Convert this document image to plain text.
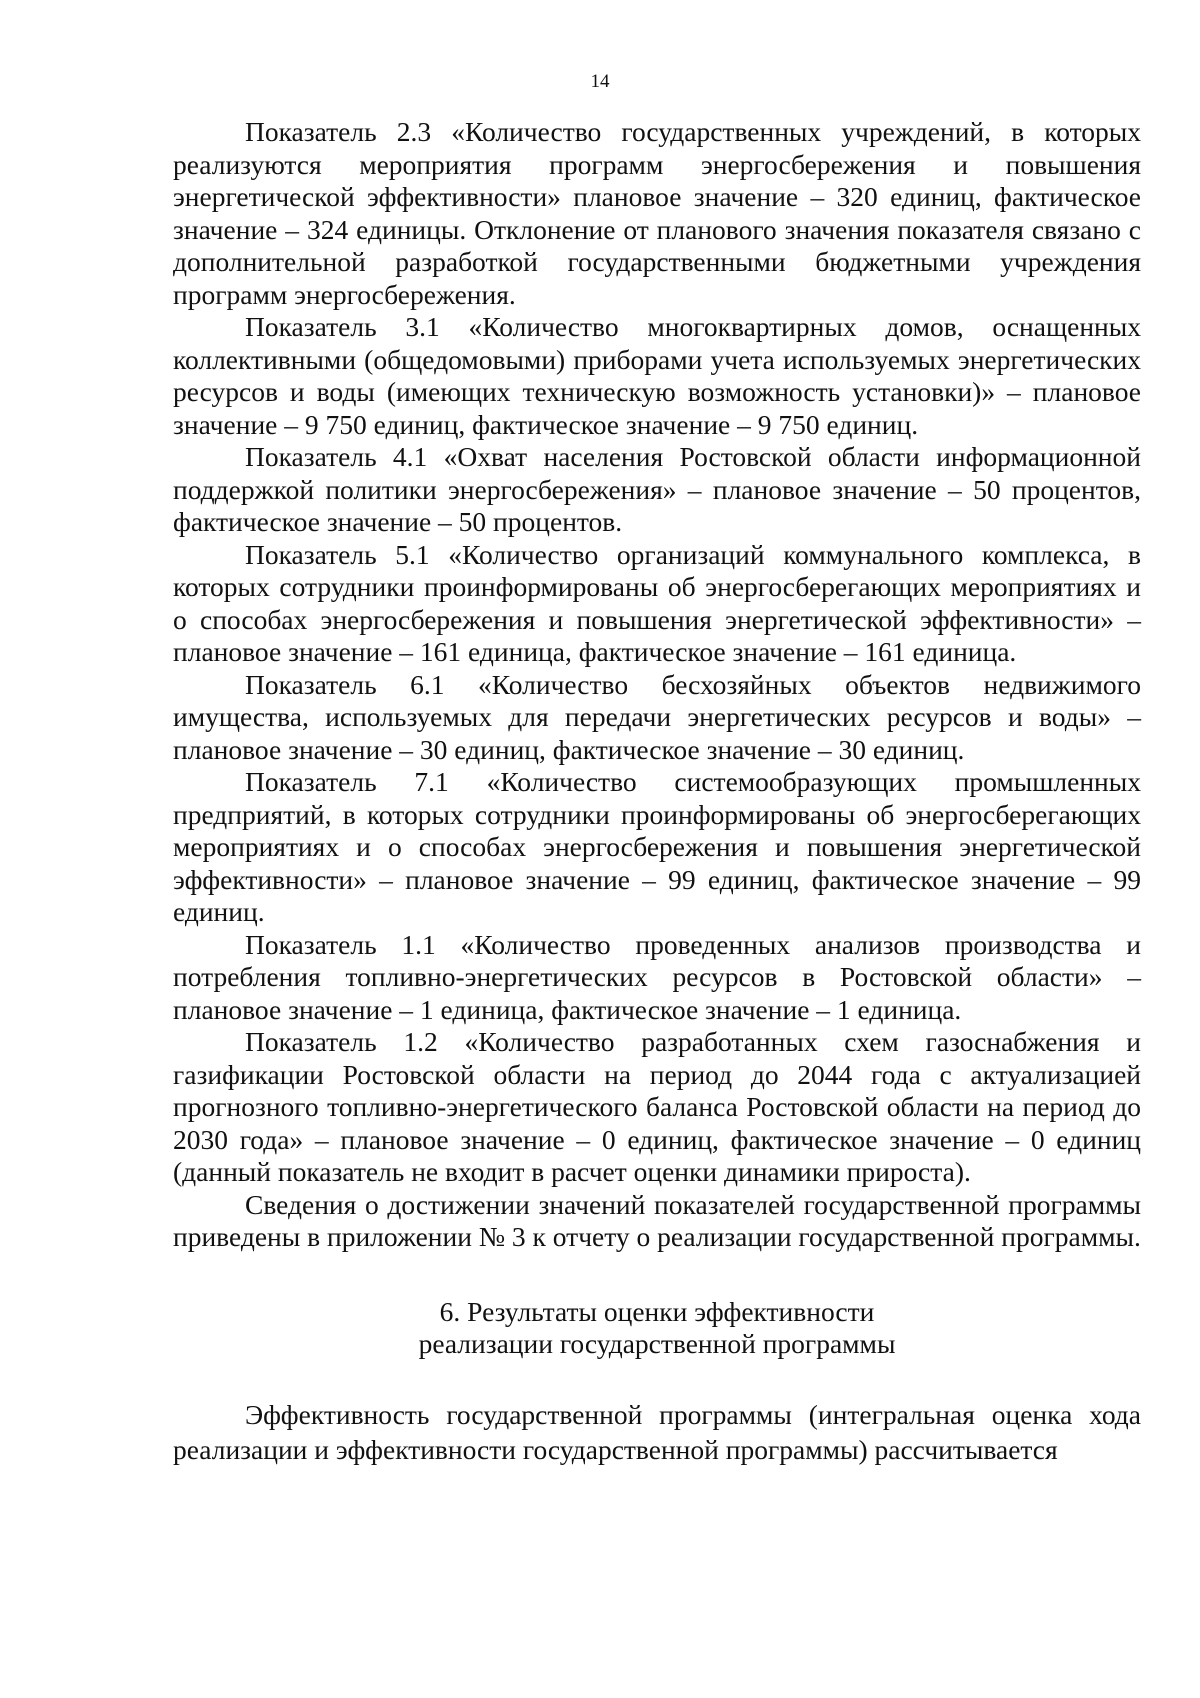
14

Показатель 2.3 «Количество государственных учреждений, в которых реализуются мероприятия программ энергосбережения и повышения энергетической эффективности» плановое значение – 320 единиц, фактическое значение – 324 единицы. Отклонение от планового значения показателя связано с дополнительной разработкой государственными бюджетными учреждения программ энергосбережения.

Показатель 3.1 «Количество многоквартирных домов, оснащенных коллективными (общедомовыми) приборами учета используемых энергетических ресурсов и воды (имеющих техническую возможность установки)» – плановое значение – 9 750 единиц, фактическое значение – 9 750 единиц.

Показатель 4.1 «Охват населения Ростовской области информационной поддержкой политики энергосбережения» – плановое значение – 50 процентов, фактическое значение – 50 процентов.

Показатель 5.1 «Количество организаций коммунального комплекса, в которых сотрудники проинформированы об энергосберегающих мероприятиях и о способах энергосбережения и повышения энергетической эффективности» – плановое значение – 161 единица, фактическое значение – 161 единица.

Показатель 6.1 «Количество бесхозяйных объектов недвижимого имущества, используемых для передачи энергетических ресурсов и воды» – плановое значение – 30 единиц, фактическое значение – 30 единиц.

Показатель 7.1 «Количество системообразующих промышленных предприятий, в которых сотрудники проинформированы об энергосберегающих мероприятиях и о способах энергосбережения и повышения энергетической эффективности» – плановое значение – 99 единиц, фактическое значение – 99 единиц.

Показатель 1.1 «Количество проведенных анализов производства и потребления топливно-энергетических ресурсов в Ростовской области» – плановое значение – 1 единица, фактическое значение – 1 единица.

Показатель 1.2 «Количество разработанных схем газоснабжения и газификации Ростовской области на период до 2044 года с актуализацией прогнозного топливно-энергетического баланса Ростовской области на период до 2030 года» – плановое значение – 0 единиц, фактическое значение – 0 единиц (данный показатель не входит в расчет оценки динамики прироста).

Сведения о достижении значений показателей государственной программы приведены в приложении № 3 к отчету о реализации государственной программы.

6. Результаты оценки эффективности
реализации государственной программы

Эффективность государственной программы (интегральная оценка хода реализации и эффективности государственной программы) рассчитывается
